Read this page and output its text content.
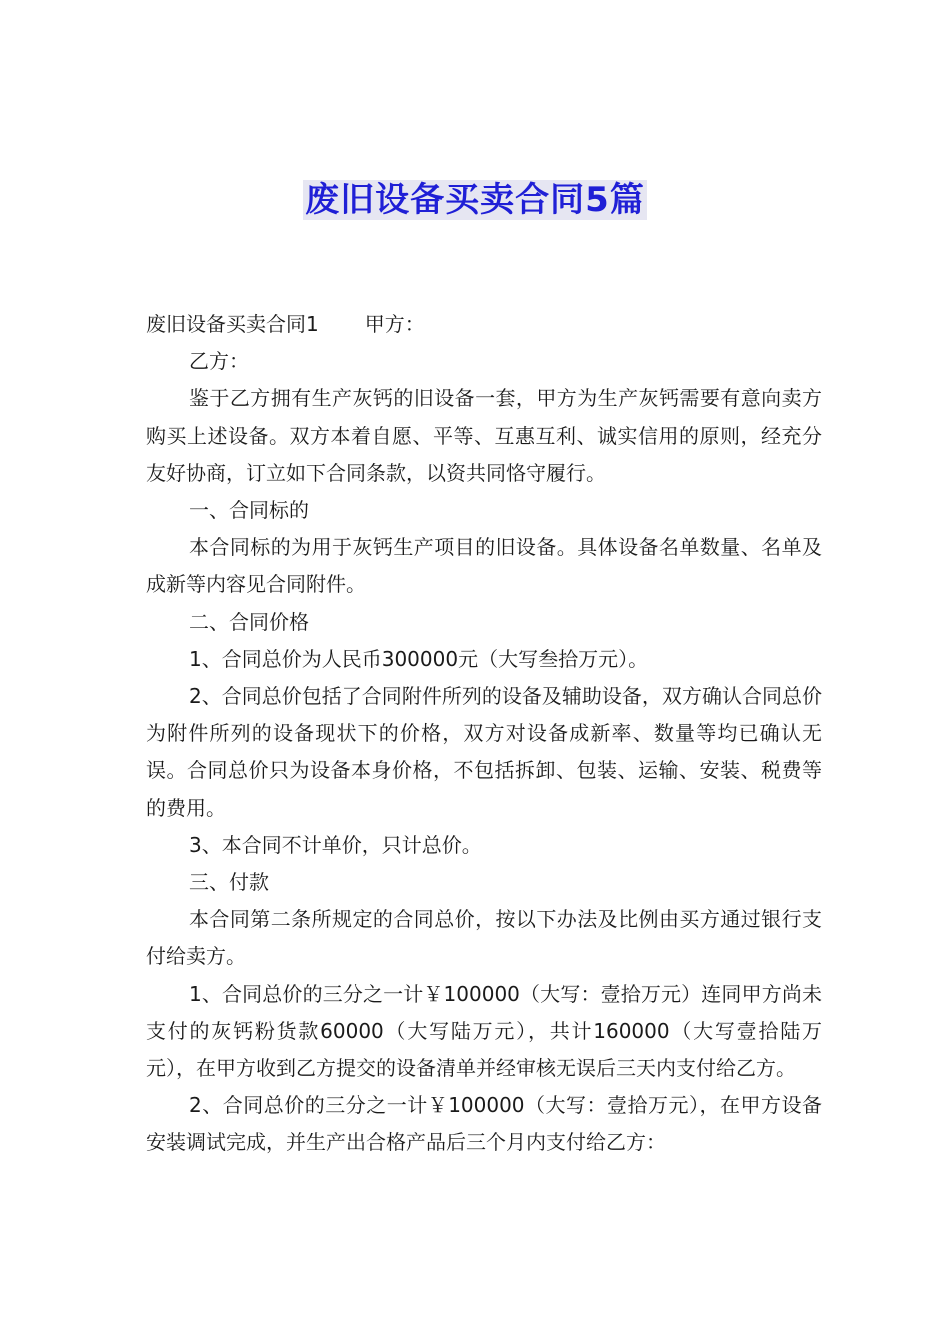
废旧设备买卖合同5篇

废旧设备买卖合同1 甲方：

乙方：

鉴于乙方拥有生产灰钙的旧设备一套，甲方为生产灰钙需要有意向卖方购买上述设备。双方本着自愿、平等、互惠互利、诚实信用的原则，经充分友好协商，订立如下合同条款，以资共同恪守履行。

一、合同标的

本合同标的为用于灰钙生产项目的旧设备。具体设备名单数量、名单及成新等内容见合同附件。

二、合同价格

1、合同总价为人民币300000元（大写叁拾万元）。

2、合同总价包括了合同附件所列的设备及辅助设备，双方确认合同总价为附件所列的设备现状下的价格，双方对设备成新率、数量等均已确认无误。合同总价只为设备本身价格，不包括拆卸、包装、运输、安装、税费等的费用。

3、本合同不计单价，只计总价。

三、付款

本合同第二条所规定的合同总价，按以下办法及比例由买方通过银行支付给卖方。

1、合同总价的三分之一计￥100000（大写：壹拾万元）连同甲方尚未支付的灰钙粉货款60000（大写陆万元），共计160000（大写壹拾陆万元），在甲方收到乙方提交的设备清单并经审核无误后三天内支付给乙方。

2、合同总价的三分之一计￥100000（大写：壹拾万元），在甲方设备安装调试完成，并生产出合格产品后三个月内支付给乙方：
